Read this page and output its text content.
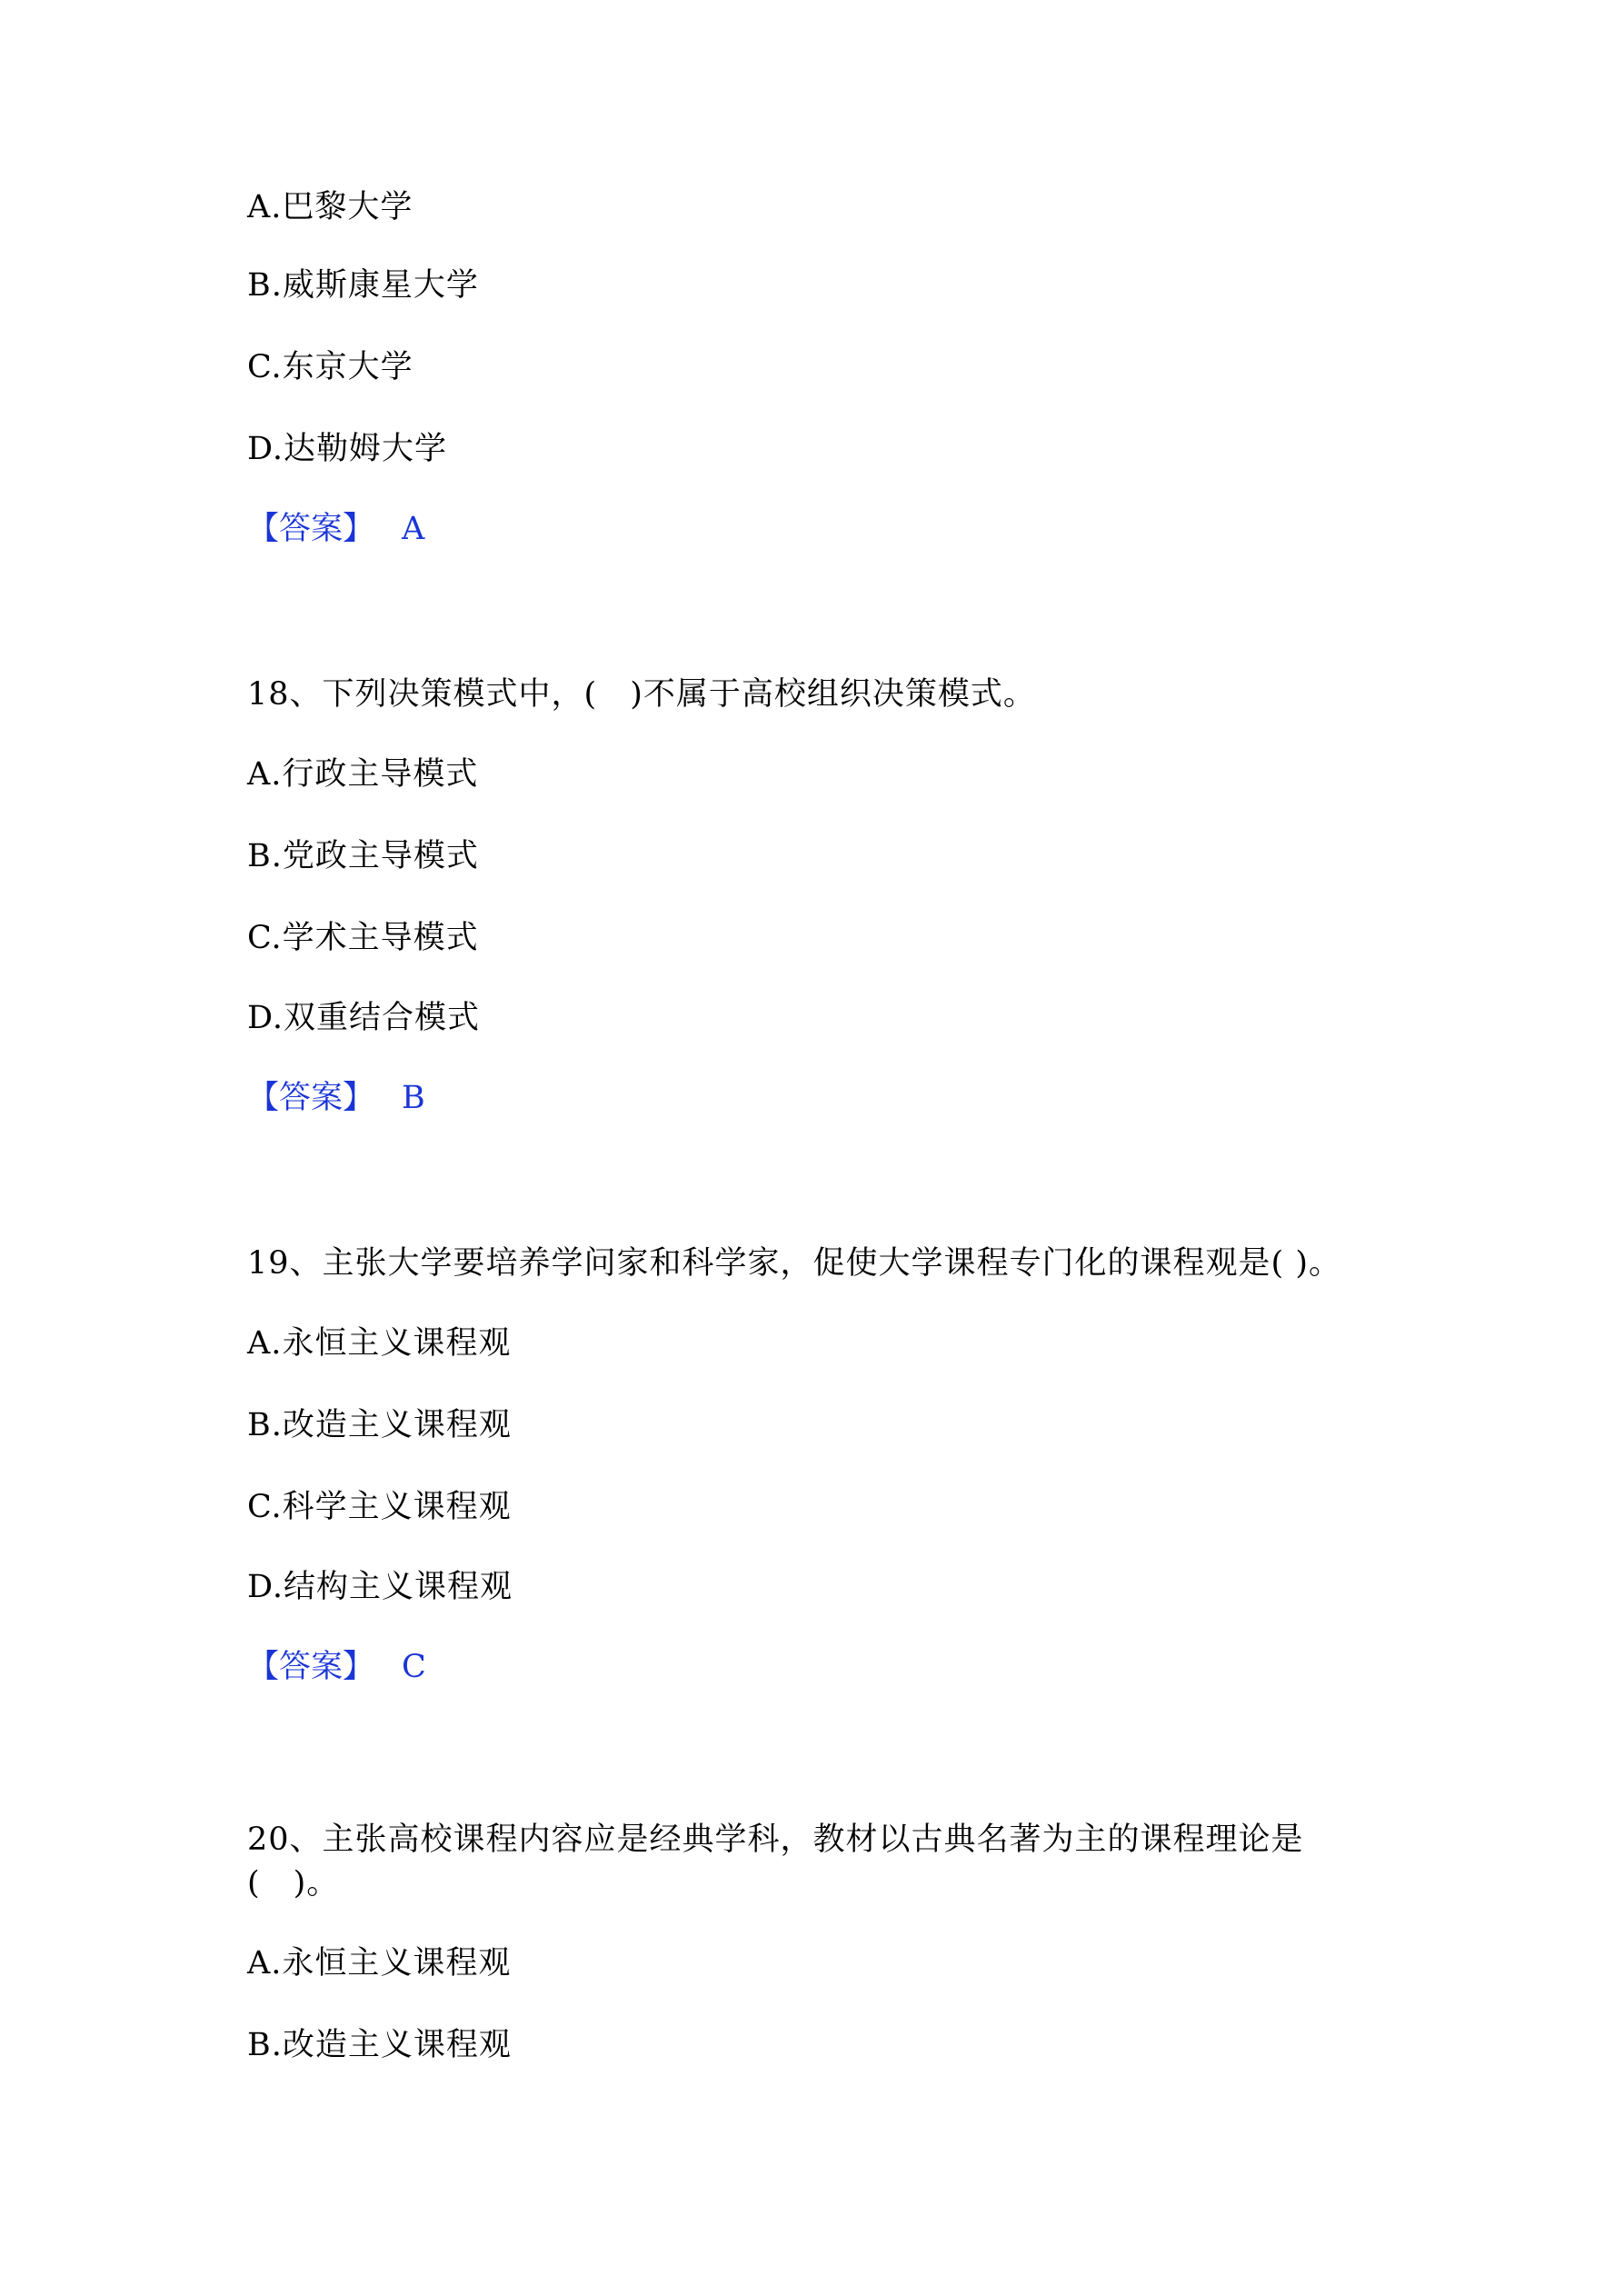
A.巴黎大学
B.威斯康星大学
C.东京大学
D.达勒姆大学
【答案】 A
18、下列决策模式中，(　)不属于高校组织决策模式。
A.行政主导模式
B.党政主导模式
C.学术主导模式
D.双重结合模式
【答案】 B
19、主张大学要培养学问家和科学家，促使大学课程专门化的课程观是( )。
A.永恒主义课程观
B.改造主义课程观
C.科学主义课程观
D.结构主义课程观
【答案】 C
20、主张高校课程内容应是经典学科，教材以古典名著为主的课程理论是
(　)。
A.永恒主义课程观
B.改造主义课程观
